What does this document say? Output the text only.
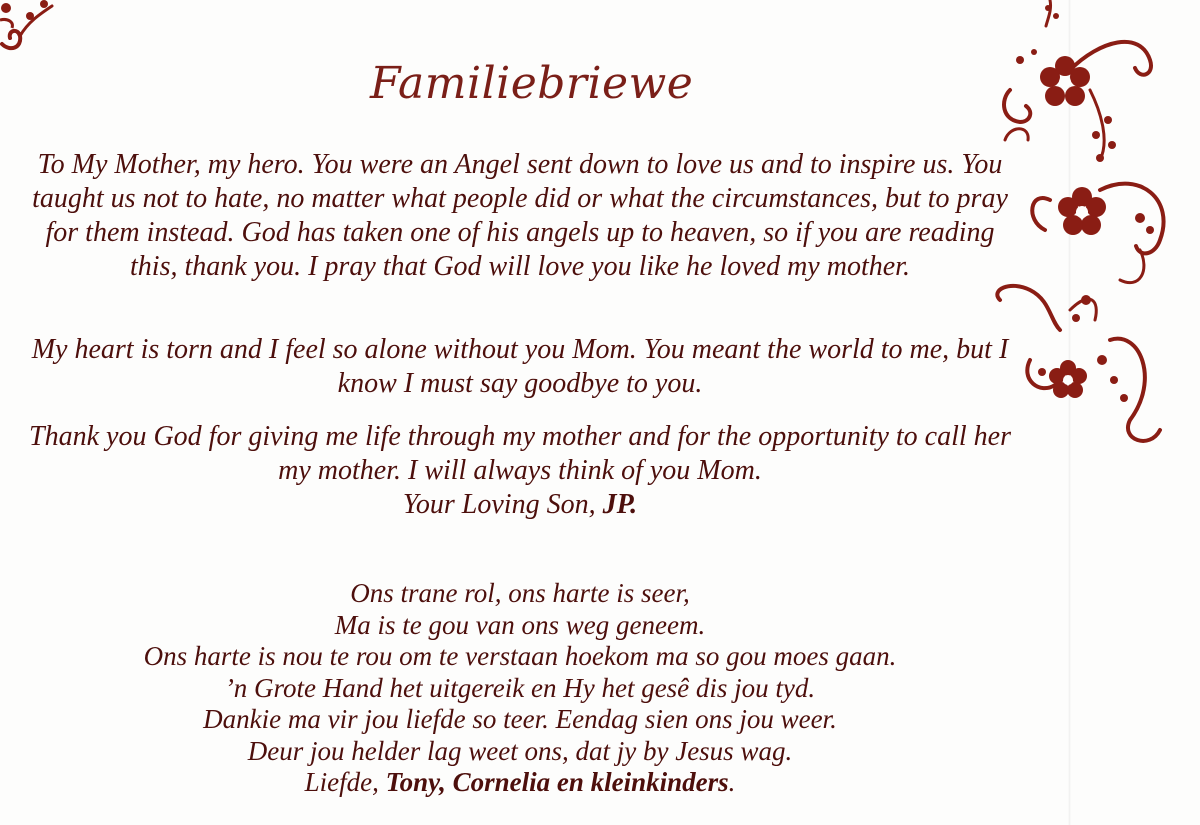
Familiebriewe
To My Mother, my hero. You were an Angel sent down to love us and to inspire us. You taught us not to hate, no matter what people did or what the circumstances, but to pray for them instead. God has taken one of his angels up to heaven, so if you are reading this, thank you. I pray that God will love you like he loved my mother.
My heart is torn and I feel so alone without you Mom. You meant the world to me, but I know I must say goodbye to you.
Thank you God for giving me life through my mother and for the opportunity to call her my mother. I will always think of you Mom.
Your Loving Son, JP.
Ons trane rol, ons harte is seer,
Ma is te gou van ons weg geneem.
Ons harte is nou te rou om te verstaan hoekom ma so gou moes gaan.
’n Grote Hand het uitgereik en Hy het gesê dis jou tyd.
Dankie ma vir jou liefde so teer. Eendag sien ons jou weer.
Deur jou helder lag weet ons, dat jy by Jesus wag.
Liefde, Tony, Cornelia en kleinkinders.
